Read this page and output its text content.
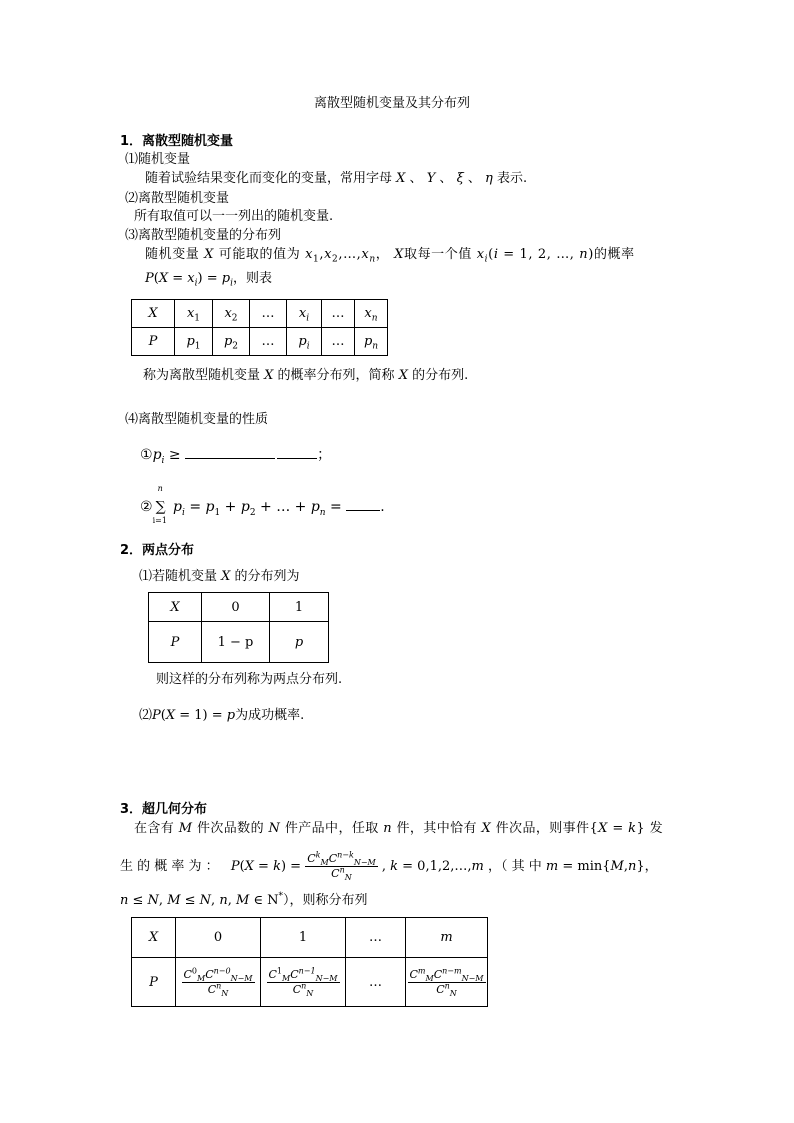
离散型随机变量及其分布列
1．离散型随机变量
⑴随机变量
随着试验结果变化而变化的变量，常用字母 X 、 Y 、 ξ 、 η 表示.
⑵离散型随机变量
所有取值可以一一列出的随机变量.
⑶离散型随机变量的分布列
随机变量 X 可能取的值为 $x_1,x_2,\dots,x_n$， X取每一个值 $x_i(i = 1$, 2, …, n)的概率
$P(X = x_i) = p_i$，则表
X	$x_1$	$x_2$	…	$x_i$	…	$x_n$
P	$p_1$	$p_2$	…	$p_i$	…	$p_n$
称为离散型随机变量 X 的概率分布列，简称 X 的分布列.
⑷离散型随机变量的性质
$①p_i$ ≥	；
② ∑
n
i=1
$p_i = p_1 + p_2$ + … + $p_n$ = .
2．两点分布
⑴若随机变量 X 的分布列为
X	0	1
P	1 − p	p
则这样的分布列称为两点分布列.
⑵P(X = 1) = p为成功概率.
3．超几何分布
在含有 M 件次品数的 N 件产品中，任取 n 件，其中恰有 X 件次品，则事件{X = k} 发
生 的 概 率 为 ： $P(X = k) = \frac{C^k_MC^{n-k}_{N-M}}{C^n_N}$ , k = 0,1,2,…,m ，（ 其 中 m = min{M,n}，
n ≤ N, M ≤ N, n, M ∈ N*），则称分布列
X	0	1	…	m
P	$\frac{C^0_MC^{n-0}_{N-M}}{C^n_N}$	$\frac{C^1_MC^{n-1}_{N-M}}{C^n_N}$	…	$\frac{C^m_MC^{n-m}_{N-M}}{C^n_N}$
